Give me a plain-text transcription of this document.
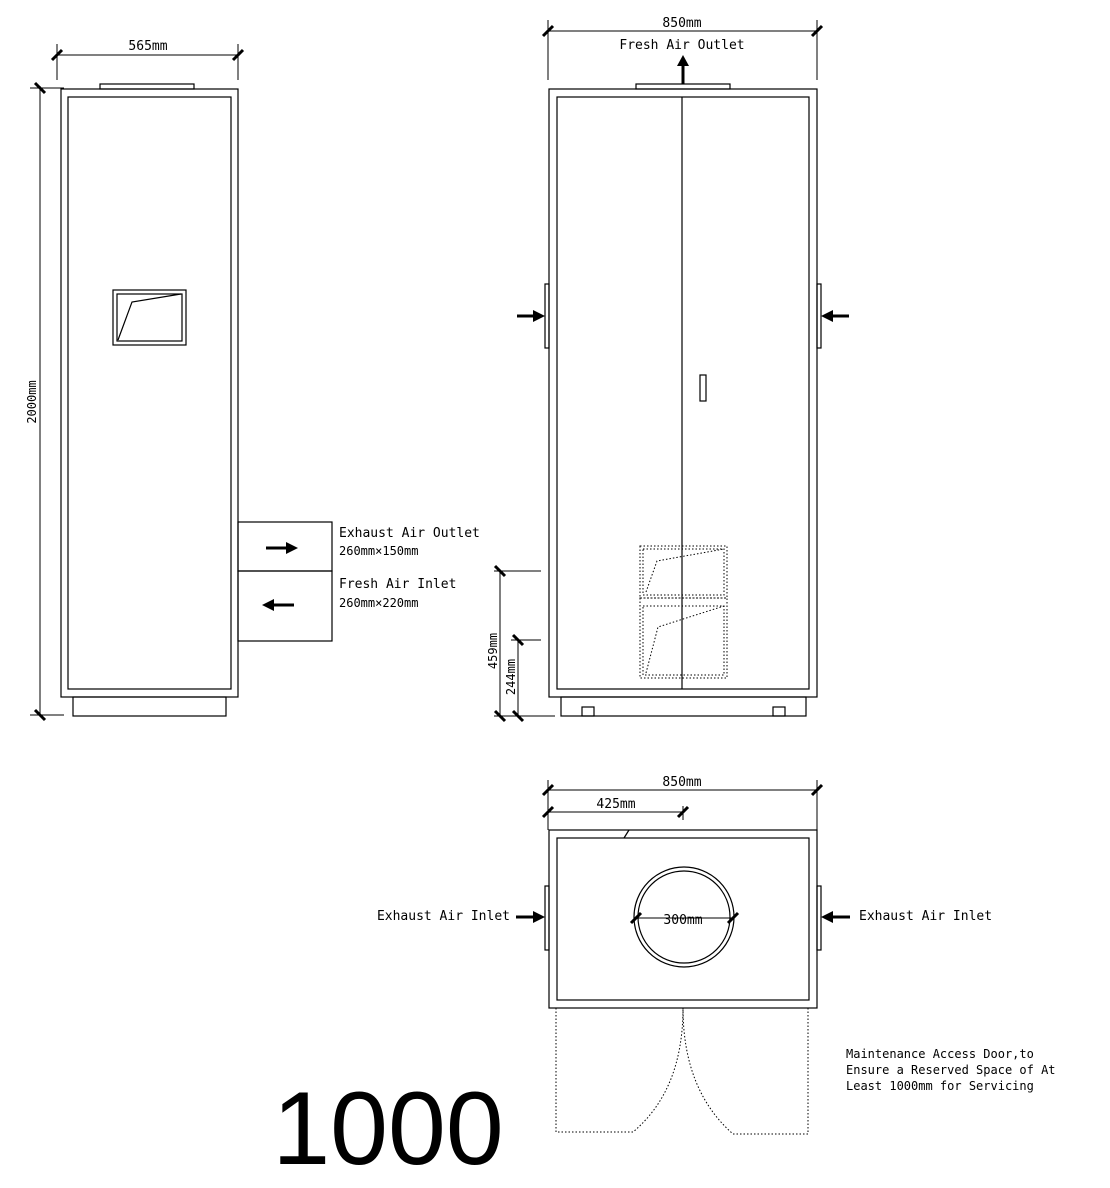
565mm
2000mm
Exhaust Air Outlet
260mm×150mm
Fresh Air Inlet
260mm×220mm
850mm
Fresh Air Outlet
459mm
244mm
850mm
425mm
300mm
Exhaust Air Inlet	Exhaust Air Inlet
Maintenance Access Door,to
Ensure a Reserved Space of At
Least 1000mm for Servicing
1000
